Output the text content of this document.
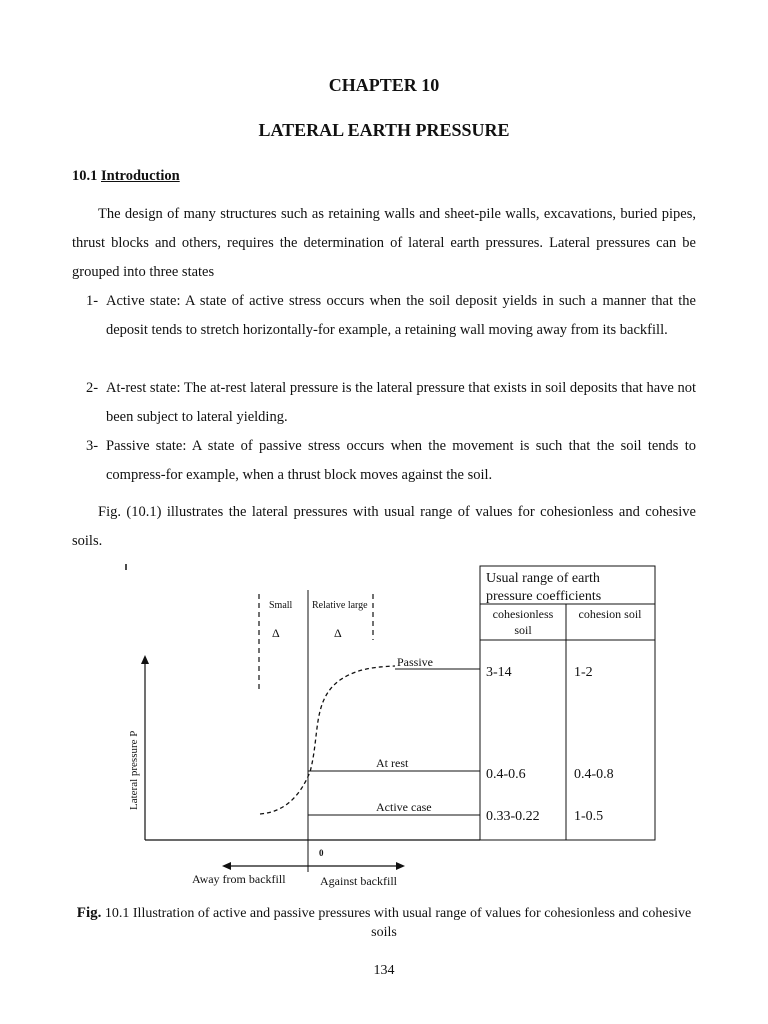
CHAPTER 10
LATERAL EARTH PRESSURE
10.1 Introduction
The design of many structures such as retaining walls and sheet-pile walls, excavations, buried pipes, thrust blocks and others, requires the determination of lateral earth pressures. Lateral pressures can be grouped into three states
1- Active state: A state of active stress occurs when the soil deposit yields in such a manner that the deposit tends to stretch horizontally-for example, a retaining wall moving away from its backfill.
2- At-rest state: The at-rest lateral pressure is the lateral pressure that exists in soil deposits that have not been subject to lateral yielding.
3- Passive state: A state of passive stress occurs when the movement is such that the soil tends to compress-for example, when a thrust block moves against the soil.
Fig. (10.1) illustrates the lateral pressures with usual range of values for cohesionless and cohesive soils.
Small Relative large
Δ	Δ
Lateral pressure P
0
Away from backfill	Against backfill
Passive
At rest
Active case
Usual range of earth
pressure coefficients
cohesionless
soil
cohesion soil
3-14	1-2
0.4-0.6	0.4-0.8
0.33-0.22 1-0.5
Fig. 10.1 Illustration of active and passive pressures with usual range of values for cohesionless and cohesive soils
134
